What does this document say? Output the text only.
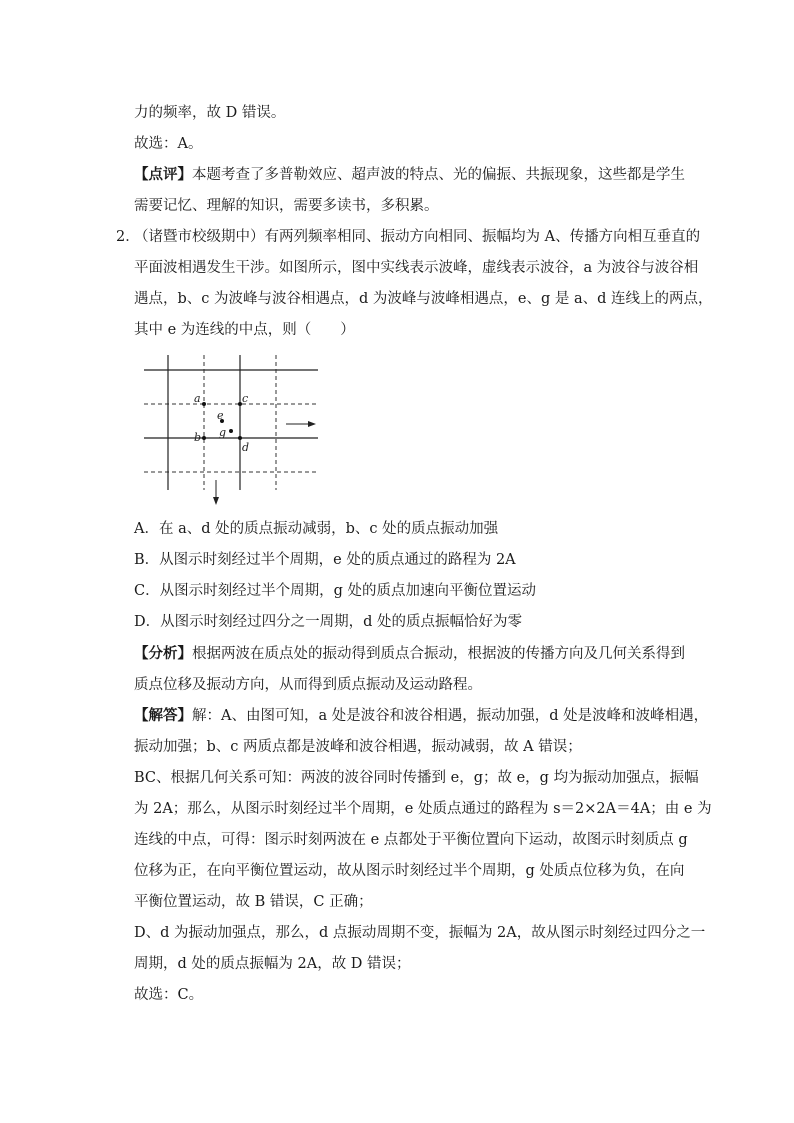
力的频率，故 D 错误。
故选：A。
【点评】本题考查了多普勒效应、超声波的特点、光的偏振、共振现象，这些都是学生
需要记忆、理解的知识，需要多读书，多积累。
2．
（诸暨市校级期中）有两列频率相同、振动方向相同、振幅均为 A、传播方向相互垂直的
平面波相遇发生干涉。如图所示，图中实线表示波峰，虚线表示波谷，a 为波谷与波谷相
遇点，b、c 为波峰与波谷相遇点，d 为波峰与波峰相遇点，e、g 是 a、d 连线上的两点，
其中 e 为连线的中点，则（　　）
a	c
b
d
e
g
A．在 a、d 处的质点振动减弱，b、c 处的质点振动加强
B．从图示时刻经过半个周期，e 处的质点通过的路程为 2A
C．从图示时刻经过半个周期，g 处的质点加速向平衡位置运动
D．从图示时刻经过四分之一周期，d 处的质点振幅恰好为零
【分析】根据两波在质点处的振动得到质点合振动，根据波的传播方向及几何关系得到
质点位移及振动方向，从而得到质点振动及运动路程。
【解答】解：A、由图可知，a 处是波谷和波谷相遇，振动加强，d 处是波峰和波峰相遇，
振动加强；b、c 两质点都是波峰和波谷相遇，振动减弱，故 A 错误；
BC、根据几何关系可知：两波的波谷同时传播到 e，g；故 e，g 均为振动加强点，振幅
为 2A；那么，从图示时刻经过半个周期，e 处质点通过的路程为 s＝2×2A＝4A；由 e 为
连线的中点，可得：图示时刻两波在 e 点都处于平衡位置向下运动，故图示时刻质点 g
位移为正，在向平衡位置运动，故从图示时刻经过半个周期，g 处质点位移为负，在向
平衡位置运动，故 B 错误，C 正确；
D、d 为振动加强点，那么，d 点振动周期不变，振幅为 2A，故从图示时刻经过四分之一
周期，d 处的质点振幅为 2A，故 D 错误；
故选：C。
